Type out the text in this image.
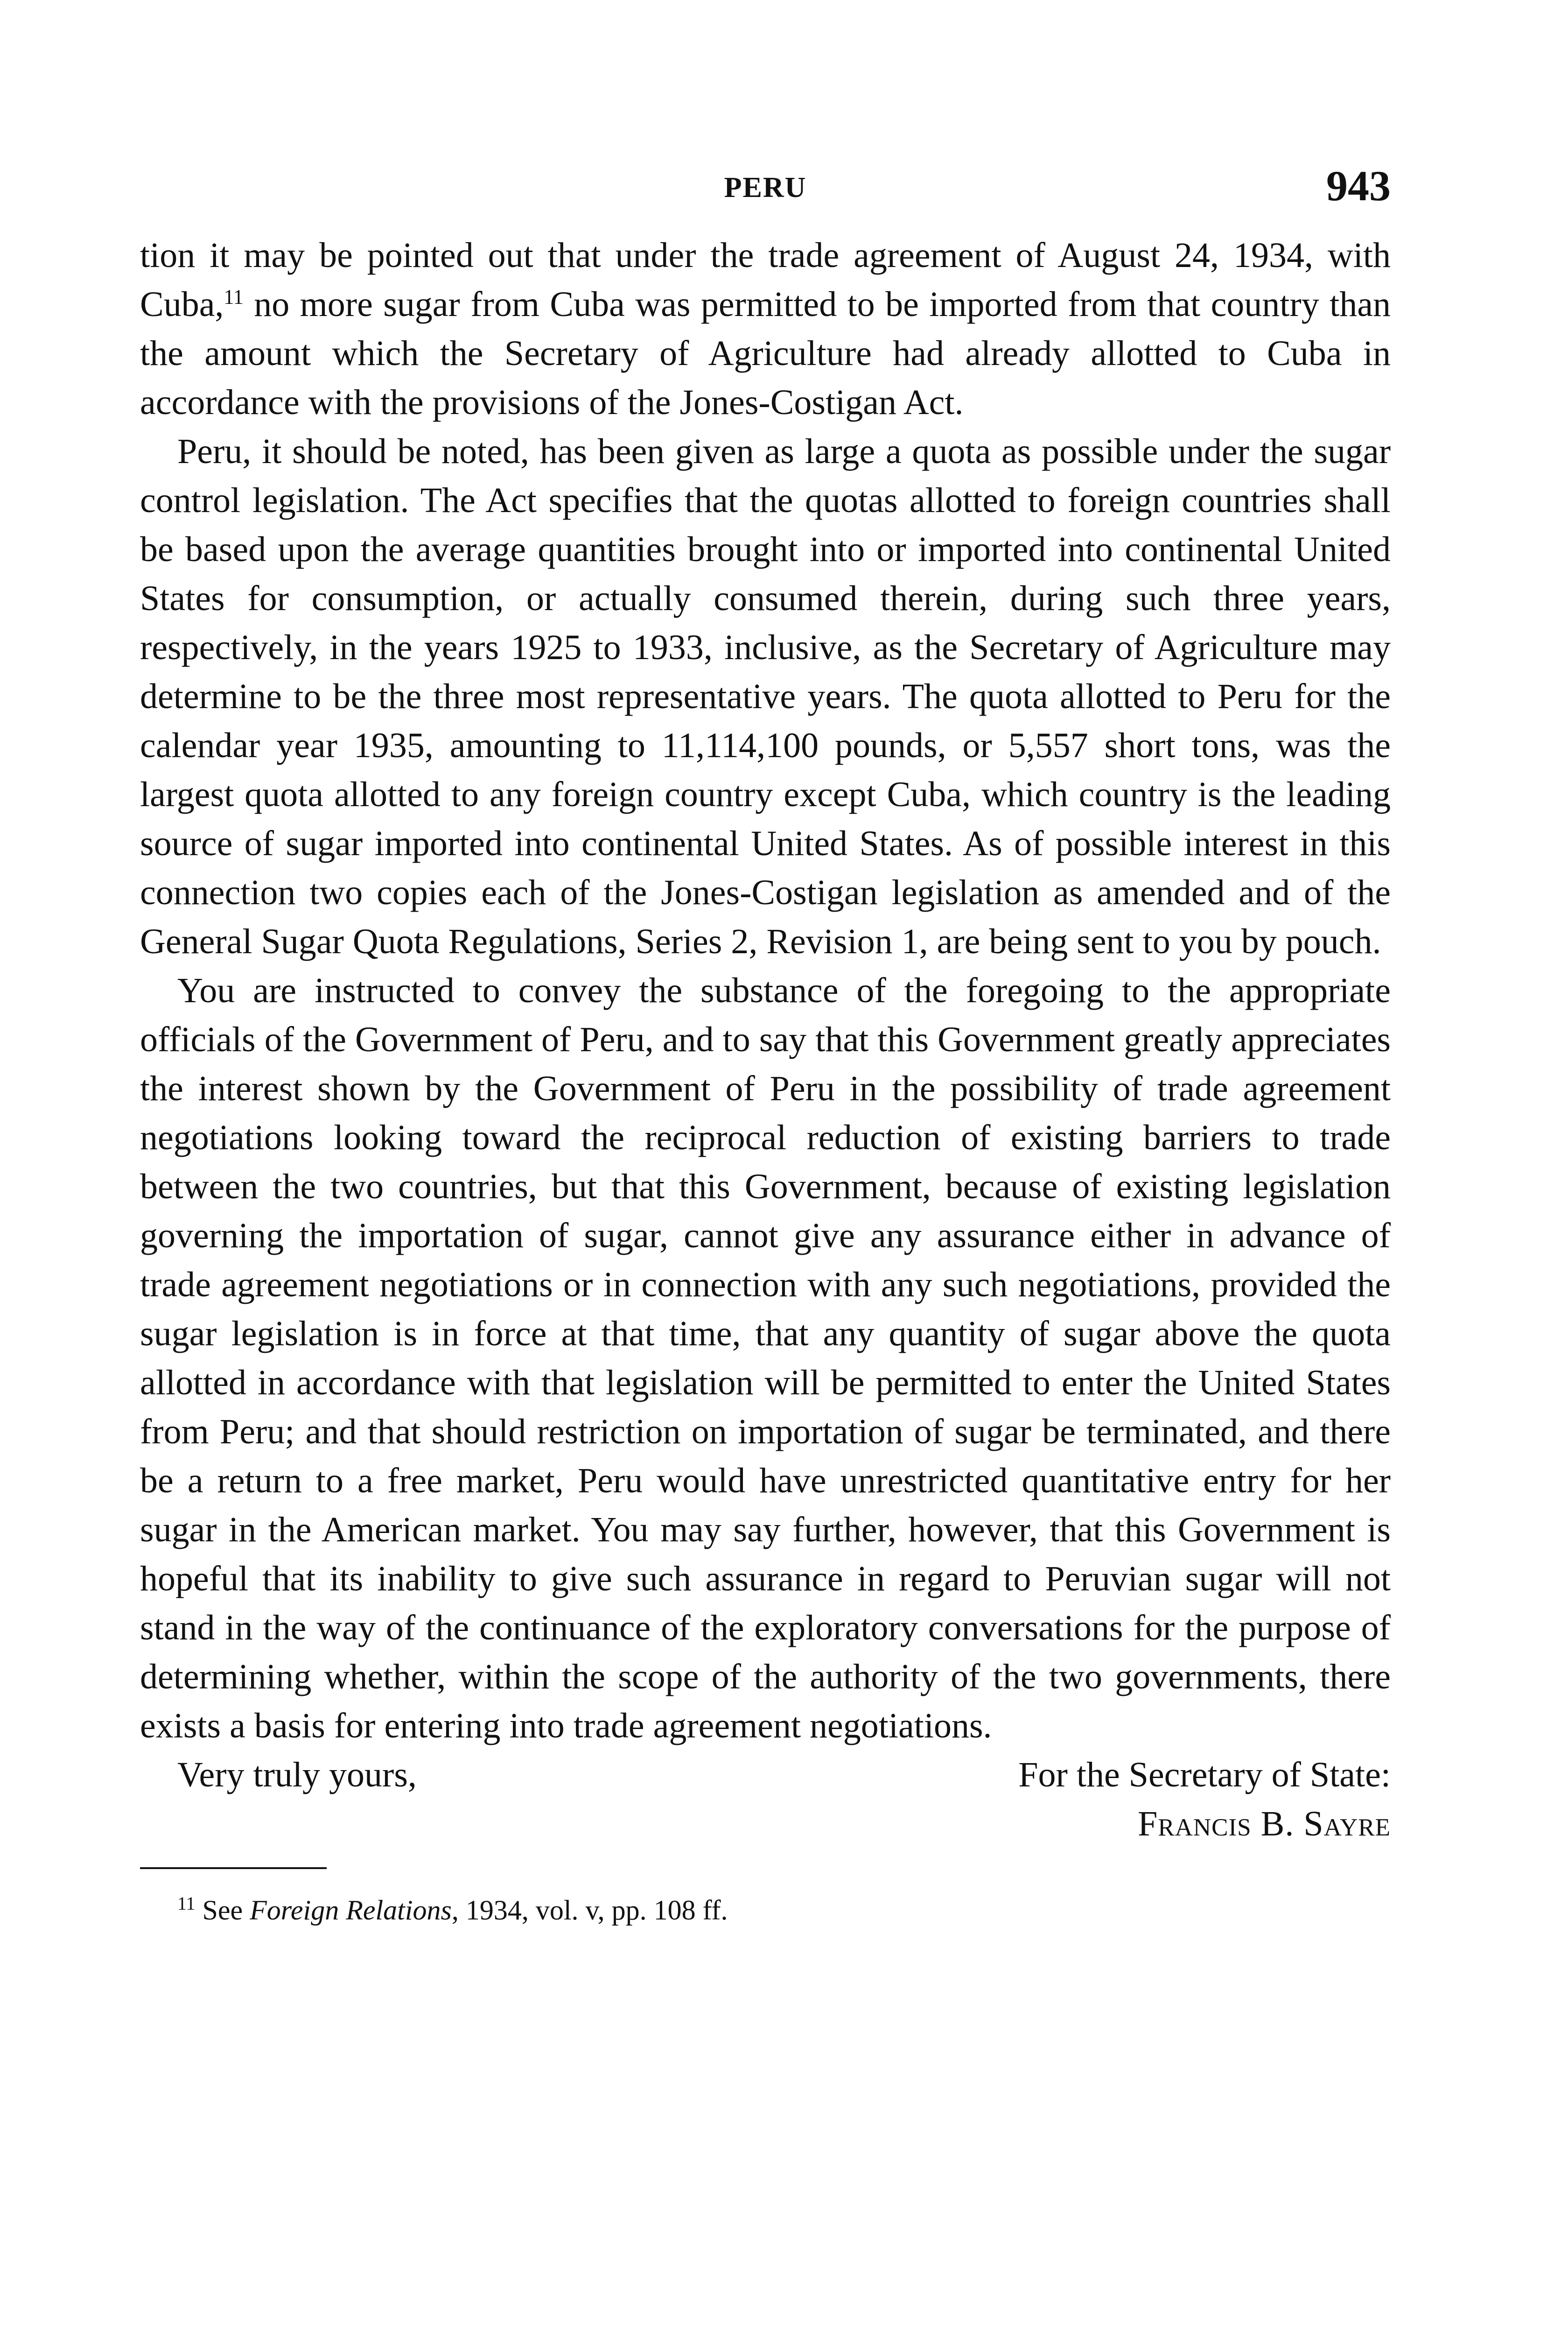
PERU	943

tion it may be pointed out that under the trade agreement of August 24, 1934, with Cuba,$^{11}$ no more sugar from Cuba was permitted to be imported from that country than the amount which the Secretary of Agriculture had already allotted to Cuba in accordance with the provisions of the Jones-Costigan Act.

Peru, it should be noted, has been given as large a quota as possible under the sugar control legislation. The Act specifies that the quotas allotted to foreign countries shall be based upon the average quantities brought into or imported into continental United States for consumption, or actually consumed therein, during such three years, respectively, in the years 1925 to 1933, inclusive, as the Secretary of Agriculture may determine to be the three most representative years. The quota allotted to Peru for the calendar year 1935, amounting to 11,114,100 pounds, or 5,557 short tons, was the largest quota allotted to any foreign country except Cuba, which country is the leading source of sugar imported into continental United States. As of possible interest in this connection two copies each of the Jones-Costigan legislation as amended and of the General Sugar Quota Regulations, Series 2, Revision 1, are being sent to you by pouch.

You are instructed to convey the substance of the foregoing to the appropriate officials of the Government of Peru, and to say that this Government greatly appreciates the interest shown by the Government of Peru in the possibility of trade agreement negotiations looking toward the reciprocal reduction of existing barriers to trade between the two countries, but that this Government, because of existing legislation governing the importation of sugar, cannot give any assurance either in advance of trade agreement negotiations or in connection with any such negotiations, provided the sugar legislation is in force at that time, that any quantity of sugar above the quota allotted in accordance with that legislation will be permitted to enter the United States from Peru; and that should restriction on importation of sugar be terminated, and there be a return to a free market, Peru would have unrestricted quantitative entry for her sugar in the American market. You may say further, however, that this Government is hopeful that its inability to give such assurance in regard to Peruvian sugar will not stand in the way of the continuance of the exploratory conversations for the purpose of determining whether, within the scope of the authority of the two governments, there exists a basis for entering into trade agreement negotiations.

Very truly yours,	For the Secretary of State:
Francis B. Sayre
$^{11}$ See Foreign Relations, 1934, vol. v, pp. 108 ff.
